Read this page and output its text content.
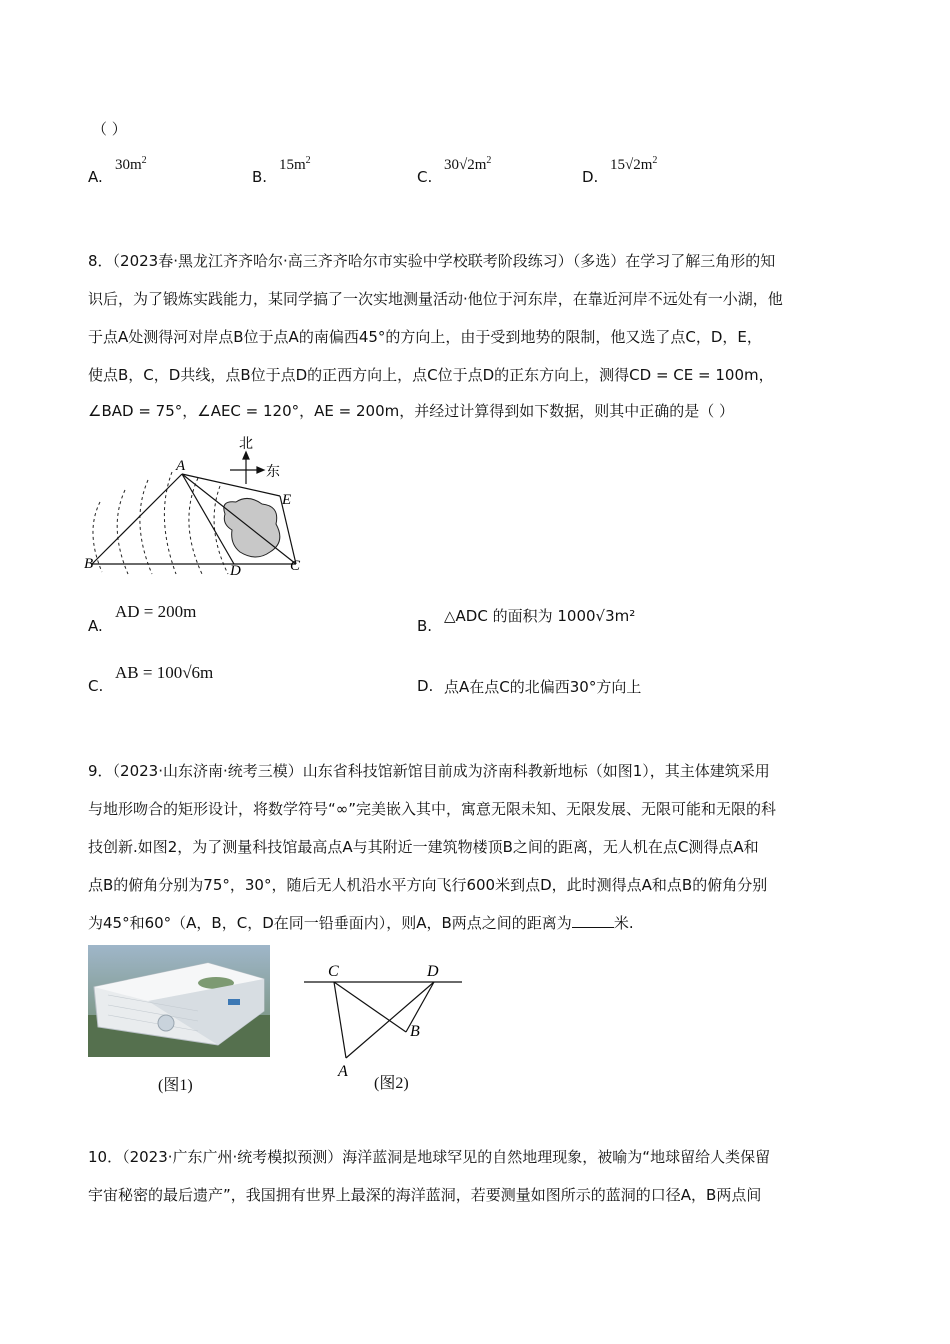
（ ）
A.
$30m^2$
B.
$15m^2$
C.
$30√2m^2$
D.
$15√2m^2$
8．（2023春·黑龙江齐齐哈尔·高三齐齐哈尔市实验中学校联考阶段练习）（多选）在学习了解三角形的知
识后，为了锻炼实践能力，某同学搞了一次实地测量活动·他位于河东岸，在靠近河岸不远处有一小湖，他
于点A处测得河对岸点B位于点A的南偏西45°的方向上，由于受到地势的限制，他又选了点C，D，E，
使点B，C，D共线，点B位于点D的正西方向上，点C位于点D的正东方向上，测得CD = CE = 100m，
∠BAD = 75°，∠AEC = 120°，AE = 200m，并经过计算得到如下数据，则其中正确的是（ ）
北
东
A
B	C
D
E
A.
AD = 200m
B.
△ADC 的面积为 1000√3m²
C.
AB = 100√6m
D. 点A在点C的北偏西30°方向上
9．（2023·山东济南·统考三模）山东省科技馆新馆目前成为济南科教新地标（如图1），其主体建筑采用
与地形吻合的矩形设计，将数学符号“∞”完美嵌入其中，寓意无限未知、无限发展、无限可能和无限的科
技创新.如图2，为了测量科技馆最高点A与其附近一建筑物楼顶B之间的距离，无人机在点C测得点A和
点B的俯角分别为75°，30°，随后无人机沿水平方向飞行600米到点D，此时测得点A和点B的俯角分别
为45°和60°（A，B，C，D在同一铅垂面内），则A，B两点之间的距离为	米.
(图1)
C	D
B
A
(图2)
10．（2023·广东广州·统考模拟预测）海洋蓝洞是地球罕见的自然地理现象，被喻为“地球留给人类保留
宇宙秘密的最后遗产”，我国拥有世界上最深的海洋蓝洞，若要测量如图所示的蓝洞的口径A，B两点间
